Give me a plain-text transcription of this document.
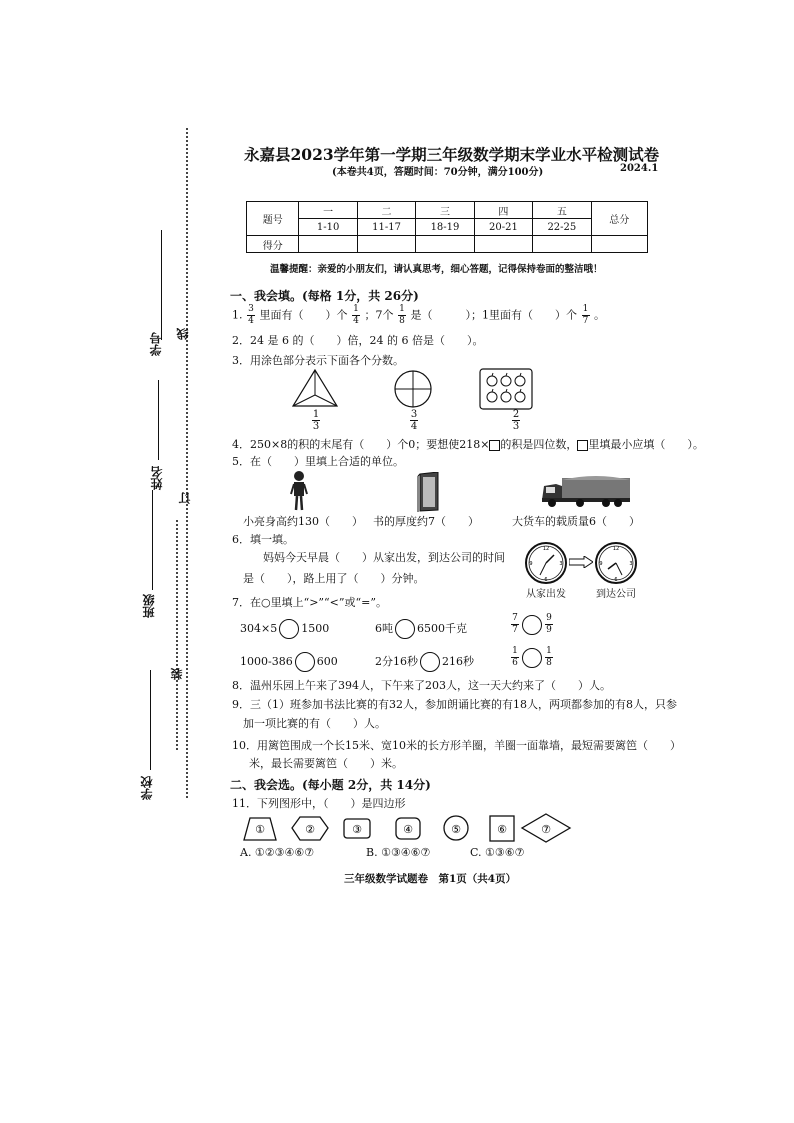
线
订
装
学号
姓名
班级
学校
永嘉县2023学年第一学期三年级数学期末学业水平检测试卷
(本卷共4页，答题时间：70分钟，满分100分)	2024.1
题号	一	二	三	四	五	总分
	1-10	11-17	18-19	20-21	22-25	
得分						
温馨提醒：亲爱的小朋友们，请认真思考，细心答题，记得保持卷面的整洁哦！
一、我会填。(每格 1分，共 26分)
1. $\frac{3}{4}$ 里面有（　　）个 $\frac{1}{4}$ ；7个 $\frac{1}{8}$ 是（　　　）；1里面有（　　）个 $\frac{1}{7}$ 。
2．24 是 6 的（　　）倍，24 的 6 倍是（　　）。
3．用涂色部分表示下面各个分数。
1
3
3
4
2
3
4．250×8的积的末尾有（　　）个0；要想使218× 的积是四位数， 里填最小应填（　　）。
5．在（　　）里填上合适的单位。
小亮身高约130（　　） 书的厚度约7（　　）	大货车的载质量6（　　）
6．填一填。
妈妈今天早晨（　　）从家出发，到达公司的时间
是（　　），路上用了（　　）分钟。
12
3
6
9
12
3
6
9
从家出发	到达公司
7．在○里填上“>”“<”或“=”。
304×5 1500	6吨 6500千克	$\frac{7}{7}$	$\frac{9}{9}$
1000-386 600	2分16秒 216秒	$\frac{1}{6}$	$\frac{1}{8}$
8．温州乐园上午来了394人，下午来了203人，这一天大约来了（　　）人。
9．三（1）班参加书法比赛的有32人，参加朗诵比赛的有18人，两项都参加的有8人，只参
加一项比赛的有（　　）人。
10．用篱笆围成一个长15米、宽10米的长方形羊圈，羊圈一面靠墙，最短需要篱笆（　　）
米，最长需要篱笆（　　）米。
二、我会选。(每小题 2分，共 14分)
11．下列图形中，（　　）是四边形
①	②	③	④	⑤	⑥	⑦
A. ①②③④⑥⑦	B. ①③④⑥⑦	C. ①③⑥⑦
三年级数学试题卷　第1页（共4页）
